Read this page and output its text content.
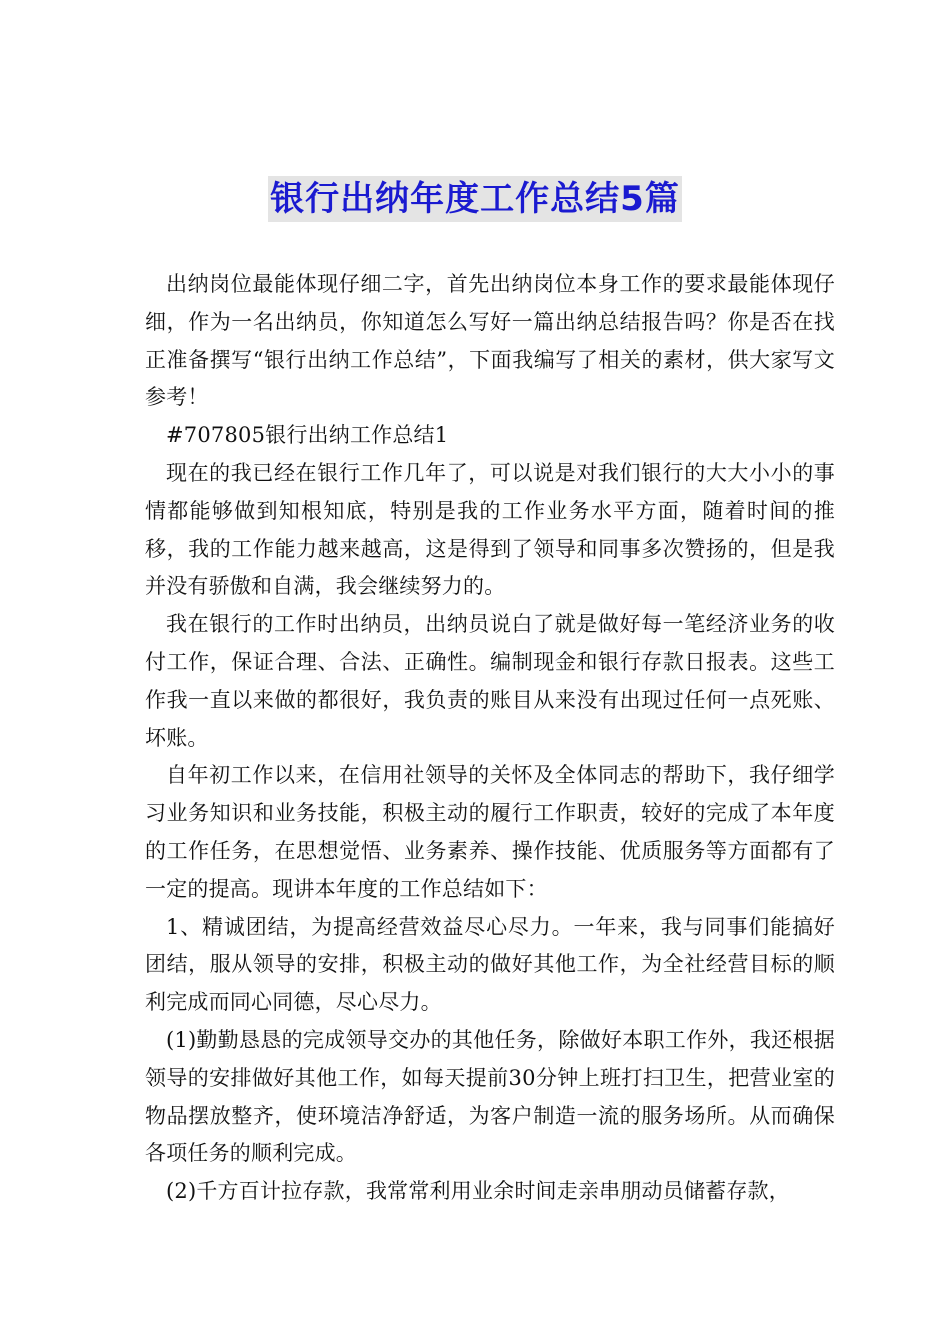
银行出纳年度工作总结5篇

出纳岗位最能体现仔细二字，首先出纳岗位本身工作的要求最能体现仔细，作为一名出纳员，你知道怎么写好一篇出纳总结报告吗？你是否在找正准备撰写“银行出纳工作总结”，下面我编写了相关的素材，供大家写文参考！

#707805银行出纳工作总结1

现在的我已经在银行工作几年了，可以说是对我们银行的大大小小的事情都能够做到知根知底，特别是我的工作业务水平方面，随着时间的推移，我的工作能力越来越高，这是得到了领导和同事多次赞扬的，但是我并没有骄傲和自满，我会继续努力的。

我在银行的工作时出纳员，出纳员说白了就是做好每一笔经济业务的收付工作，保证合理、合法、正确性。编制现金和银行存款日报表。这些工作我一直以来做的都很好，我负责的账目从来没有出现过任何一点死账、坏账。

自年初工作以来，在信用社领导的关怀及全体同志的帮助下，我仔细学习业务知识和业务技能，积极主动的履行工作职责，较好的完成了本年度的工作任务，在思想觉悟、业务素养、操作技能、优质服务等方面都有了一定的提高。现讲本年度的工作总结如下：

1、精诚团结，为提高经营效益尽心尽力。一年来，我与同事们能搞好团结，服从领导的安排，积极主动的做好其他工作，为全社经营目标的顺利完成而同心同德，尽心尽力。

(1)勤勤恳恳的完成领导交办的其他任务，除做好本职工作外，我还根据领导的安排做好其他工作，如每天提前30分钟上班打扫卫生，把营业室的物品摆放整齐，使环境洁净舒适，为客户制造一流的服务场所。从而确保各项任务的顺利完成。

(2)千方百计拉存款，我常常利用业余时间走亲串朋动员储蓄存款，
